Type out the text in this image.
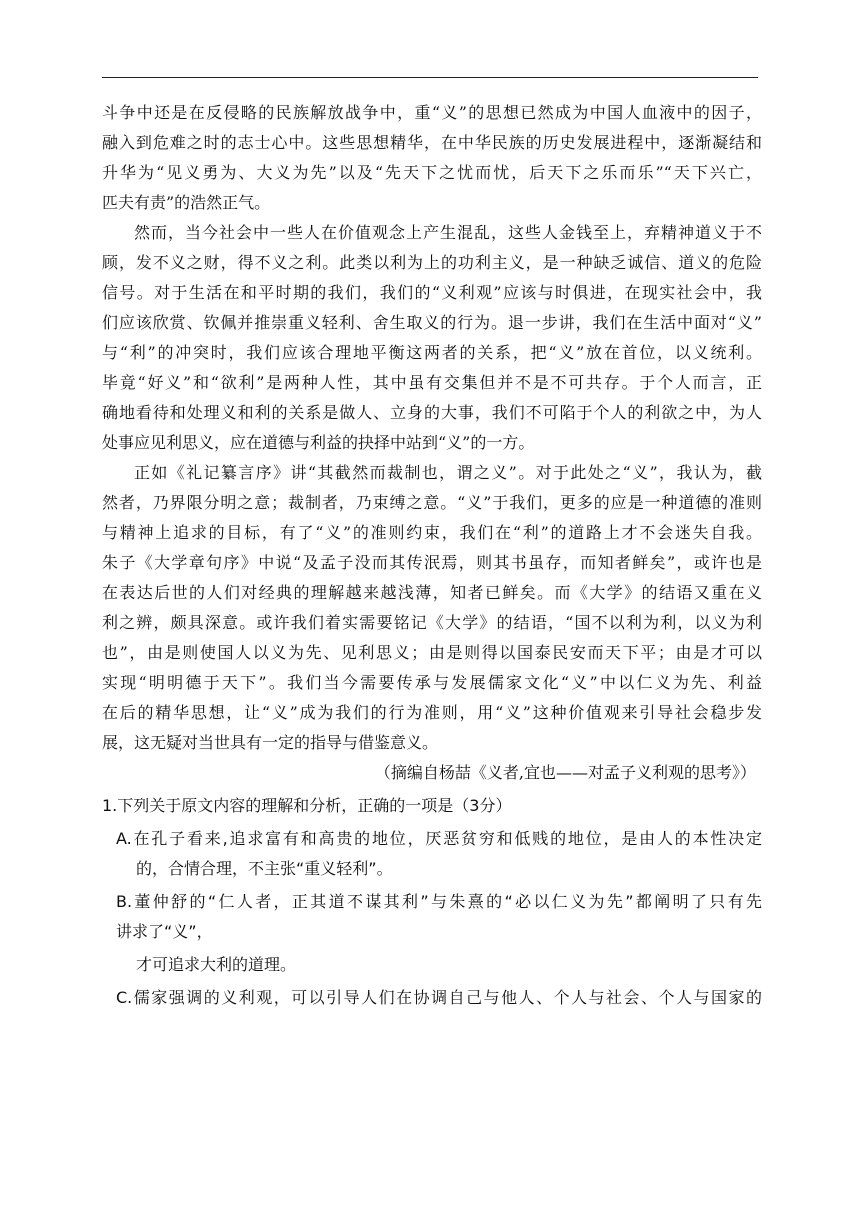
斗争中还是在反侵略的民族解放战争中，重“义”的思想已然成为中国人血液中的因子，
融入到危难之时的志士心中。这些思想精华，在中华民族的历史发展进程中，逐渐凝结和
升华为“见义勇为、大义为先”以及“先天下之忧而忧，后天下之乐而乐”“天下兴亡，
匹夫有责”的浩然正气。
然而，当今社会中一些人在价值观念上产生混乱，这些人金钱至上，弃精神道义于不
顾，发不义之财，得不义之利。此类以利为上的功利主义，是一种缺乏诚信、道义的危险
信号。对于生活在和平时期的我们，我们的“义利观”应该与时俱进，在现实社会中，我
们应该欣赏、钦佩并推崇重义轻利、舍生取义的行为。退一步讲，我们在生活中面对“义”
与“利”的冲突时，我们应该合理地平衡这两者的关系，把“义”放在首位，以义统利。
毕竟“好义”和“欲利”是两种人性，其中虽有交集但并不是不可共存。于个人而言，正
确地看待和处理义和利的关系是做人、立身的大事，我们不可陷于个人的利欲之中，为人
处事应见利思义，应在道德与利益的抉择中站到“义”的一方。
正如《礼记纂言序》讲“其截然而裁制也，谓之义”。对于此处之“义”，我认为，截
然者，乃界限分明之意；裁制者，乃束缚之意。“义”于我们，更多的应是一种道德的准则
与精神上追求的目标，有了“义”的准则约束，我们在“利”的道路上才不会迷失自我。
朱子《大学章句序》中说“及孟子没而其传泯焉，则其书虽存，而知者鲜矣”，或许也是
在表达后世的人们对经典的理解越来越浅薄，知者已鲜矣。而《大学》的结语又重在义
利之辨，颇具深意。或许我们着实需要铭记《大学》的结语，“国不以利为利，以义为利
也”，由是则使国人以义为先、见利思义；由是则得以国泰民安而天下平；由是才可以
实现“明明德于天下”。我们当今需要传承与发展儒家文化“义”中以仁义为先、利益
在后的精华思想，让“义”成为我们的行为准则，用“义”这种价值观来引导社会稳步发
展，这无疑对当世具有一定的指导与借鉴意义。
（摘编自杨喆《义者,宜也——对孟子义利观的思考》）
1.下列关于原文内容的理解和分析，正确的一项是（3分）
A.在孔子看来,追求富有和高贵的地位，厌恶贫穷和低贱的地位，是由人的本性决定
的，合情合理，不主张“重义轻利”。
B.董仲舒的“仁人者，正其道不谋其利”与朱熹的“必以仁义为先”都阐明了只有先
讲求了“义”，
才可追求大利的道理。
C.儒家强调的义利观，可以引导人们在协调自己与他人、个人与社会、个人与国家的
